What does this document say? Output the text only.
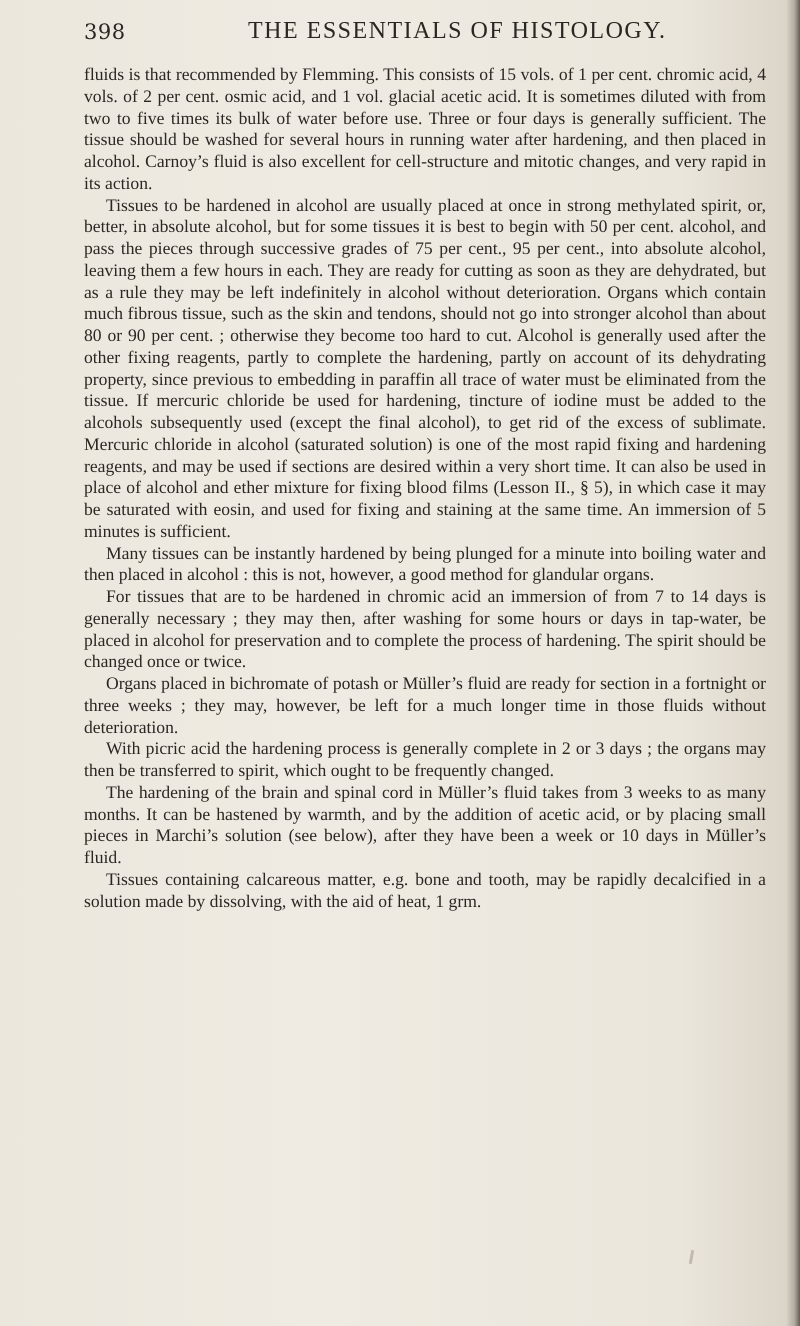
398	THE ESSENTIALS OF HISTOLOGY.

fluids is that recommended by Flemming. This consists of 15 vols. of 1 per cent. chromic acid, 4 vols. of 2 per cent. osmic acid, and 1 vol. glacial acetic acid. It is sometimes diluted with from two to five times its bulk of water before use. Three or four days is generally sufficient. The tissue should be washed for several hours in running water after hardening, and then placed in alcohol. Carnoy’s fluid is also excellent for cell-structure and mitotic changes, and very rapid in its action.

Tissues to be hardened in alcohol are usually placed at once in strong methylated spirit, or, better, in absolute alcohol, but for some tissues it is best to begin with 50 per cent. alcohol, and pass the pieces through successive grades of 75 per cent., 95 per cent., into absolute alcohol, leaving them a few hours in each. They are ready for cutting as soon as they are dehydrated, but as a rule they may be left indefinitely in alcohol without deterioration. Organs which contain much fibrous tissue, such as the skin and tendons, should not go into stronger alcohol than about 80 or 90 per cent. ; otherwise they become too hard to cut. Alcohol is generally used after the other fixing reagents, partly to complete the hardening, partly on account of its dehydrating property, since previous to embedding in paraffin all trace of water must be eliminated from the tissue. If mercuric chloride be used for hardening, tincture of iodine must be added to the alcohols subsequently used (except the final alcohol), to get rid of the excess of sublimate. Mercuric chloride in alcohol (saturated solution) is one of the most rapid fixing and hardening reagents, and may be used if sections are desired within a very short time. It can also be used in place of alcohol and ether mixture for fixing blood films (Lesson II., § 5), in which case it may be saturated with eosin, and used for fixing and staining at the same time. An immersion of 5 minutes is sufficient.

Many tissues can be instantly hardened by being plunged for a minute into boiling water and then placed in alcohol : this is not, however, a good method for glandular organs.

For tissues that are to be hardened in chromic acid an immersion of from 7 to 14 days is generally necessary ; they may then, after washing for some hours or days in tap-water, be placed in alcohol for preservation and to complete the process of hardening. The spirit should be changed once or twice.

Organs placed in bichromate of potash or Müller’s fluid are ready for section in a fortnight or three weeks ; they may, however, be left for a much longer time in those fluids without deterioration.

With picric acid the hardening process is generally complete in 2 or 3 days ; the organs may then be transferred to spirit, which ought to be frequently changed.

The hardening of the brain and spinal cord in Müller’s fluid takes from 3 weeks to as many months. It can be hastened by warmth, and by the addition of acetic acid, or by placing small pieces in Marchi’s solution (see below), after they have been a week or 10 days in Müller’s fluid.

Tissues containing calcareous matter, e.g. bone and tooth, may be rapidly decalcified in a solution made by dissolving, with the aid of heat, 1 grm.
